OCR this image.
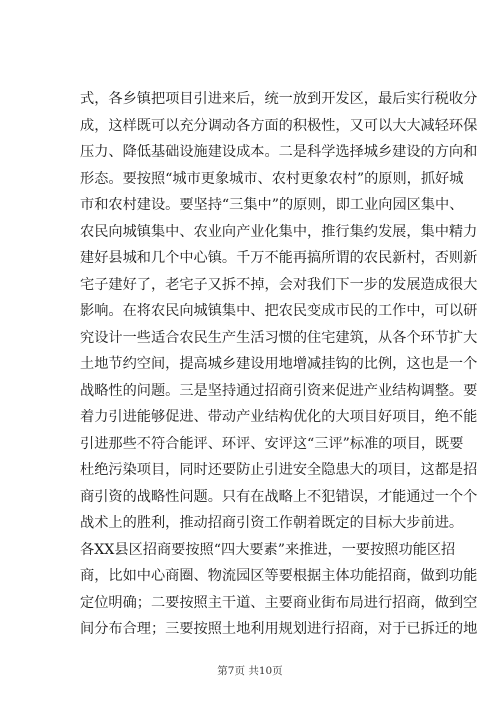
式，各乡镇把项目引进来后，统一放到开发区，最后实行税收分
成，这样既可以充分调动各方面的积极性，又可以大大减轻环保
压力、降低基础设施建设成本。二是科学选择城乡建设的方向和
形态。要按照“城市更象城市、农村更象农村”的原则，抓好城
市和农村建设。要坚持“三集中”的原则，即工业向园区集中、
农民向城镇集中、农业向产业化集中，推行集约发展，集中精力
建好县城和几个中心镇。千万不能再搞所谓的农民新村，否则新
宅子建好了，老宅子又拆不掉，会对我们下一步的发展造成很大
影响。在将农民向城镇集中、把农民变成市民的工作中，可以研
究设计一些适合农民生产生活习惯的住宅建筑，从各个环节扩大
土地节约空间，提高城乡建设用地增减挂钩的比例，这也是一个
战略性的问题。三是坚持通过招商引资来促进产业结构调整。要
着力引进能够促进、带动产业结构优化的大项目好项目，绝不能
引进那些不符合能评、环评、安评这“三评”标准的项目，既要
杜绝污染项目，同时还要防止引进安全隐患大的项目，这都是招
商引资的战略性问题。只有在战略上不犯错误，才能通过一个个
战术上的胜利，推动招商引资工作朝着既定的目标大步前进。
各XX县区招商要按照“四大要素”来推进，一要按照功能区招
商，比如中心商圈、物流园区等要根据主体功能招商，做到功能
定位明确；二要按照主干道、主要商业街布局进行招商，做到空
间分布合理；三要按照土地利用规划进行招商，对于已拆迁的地
第7页 共10页
